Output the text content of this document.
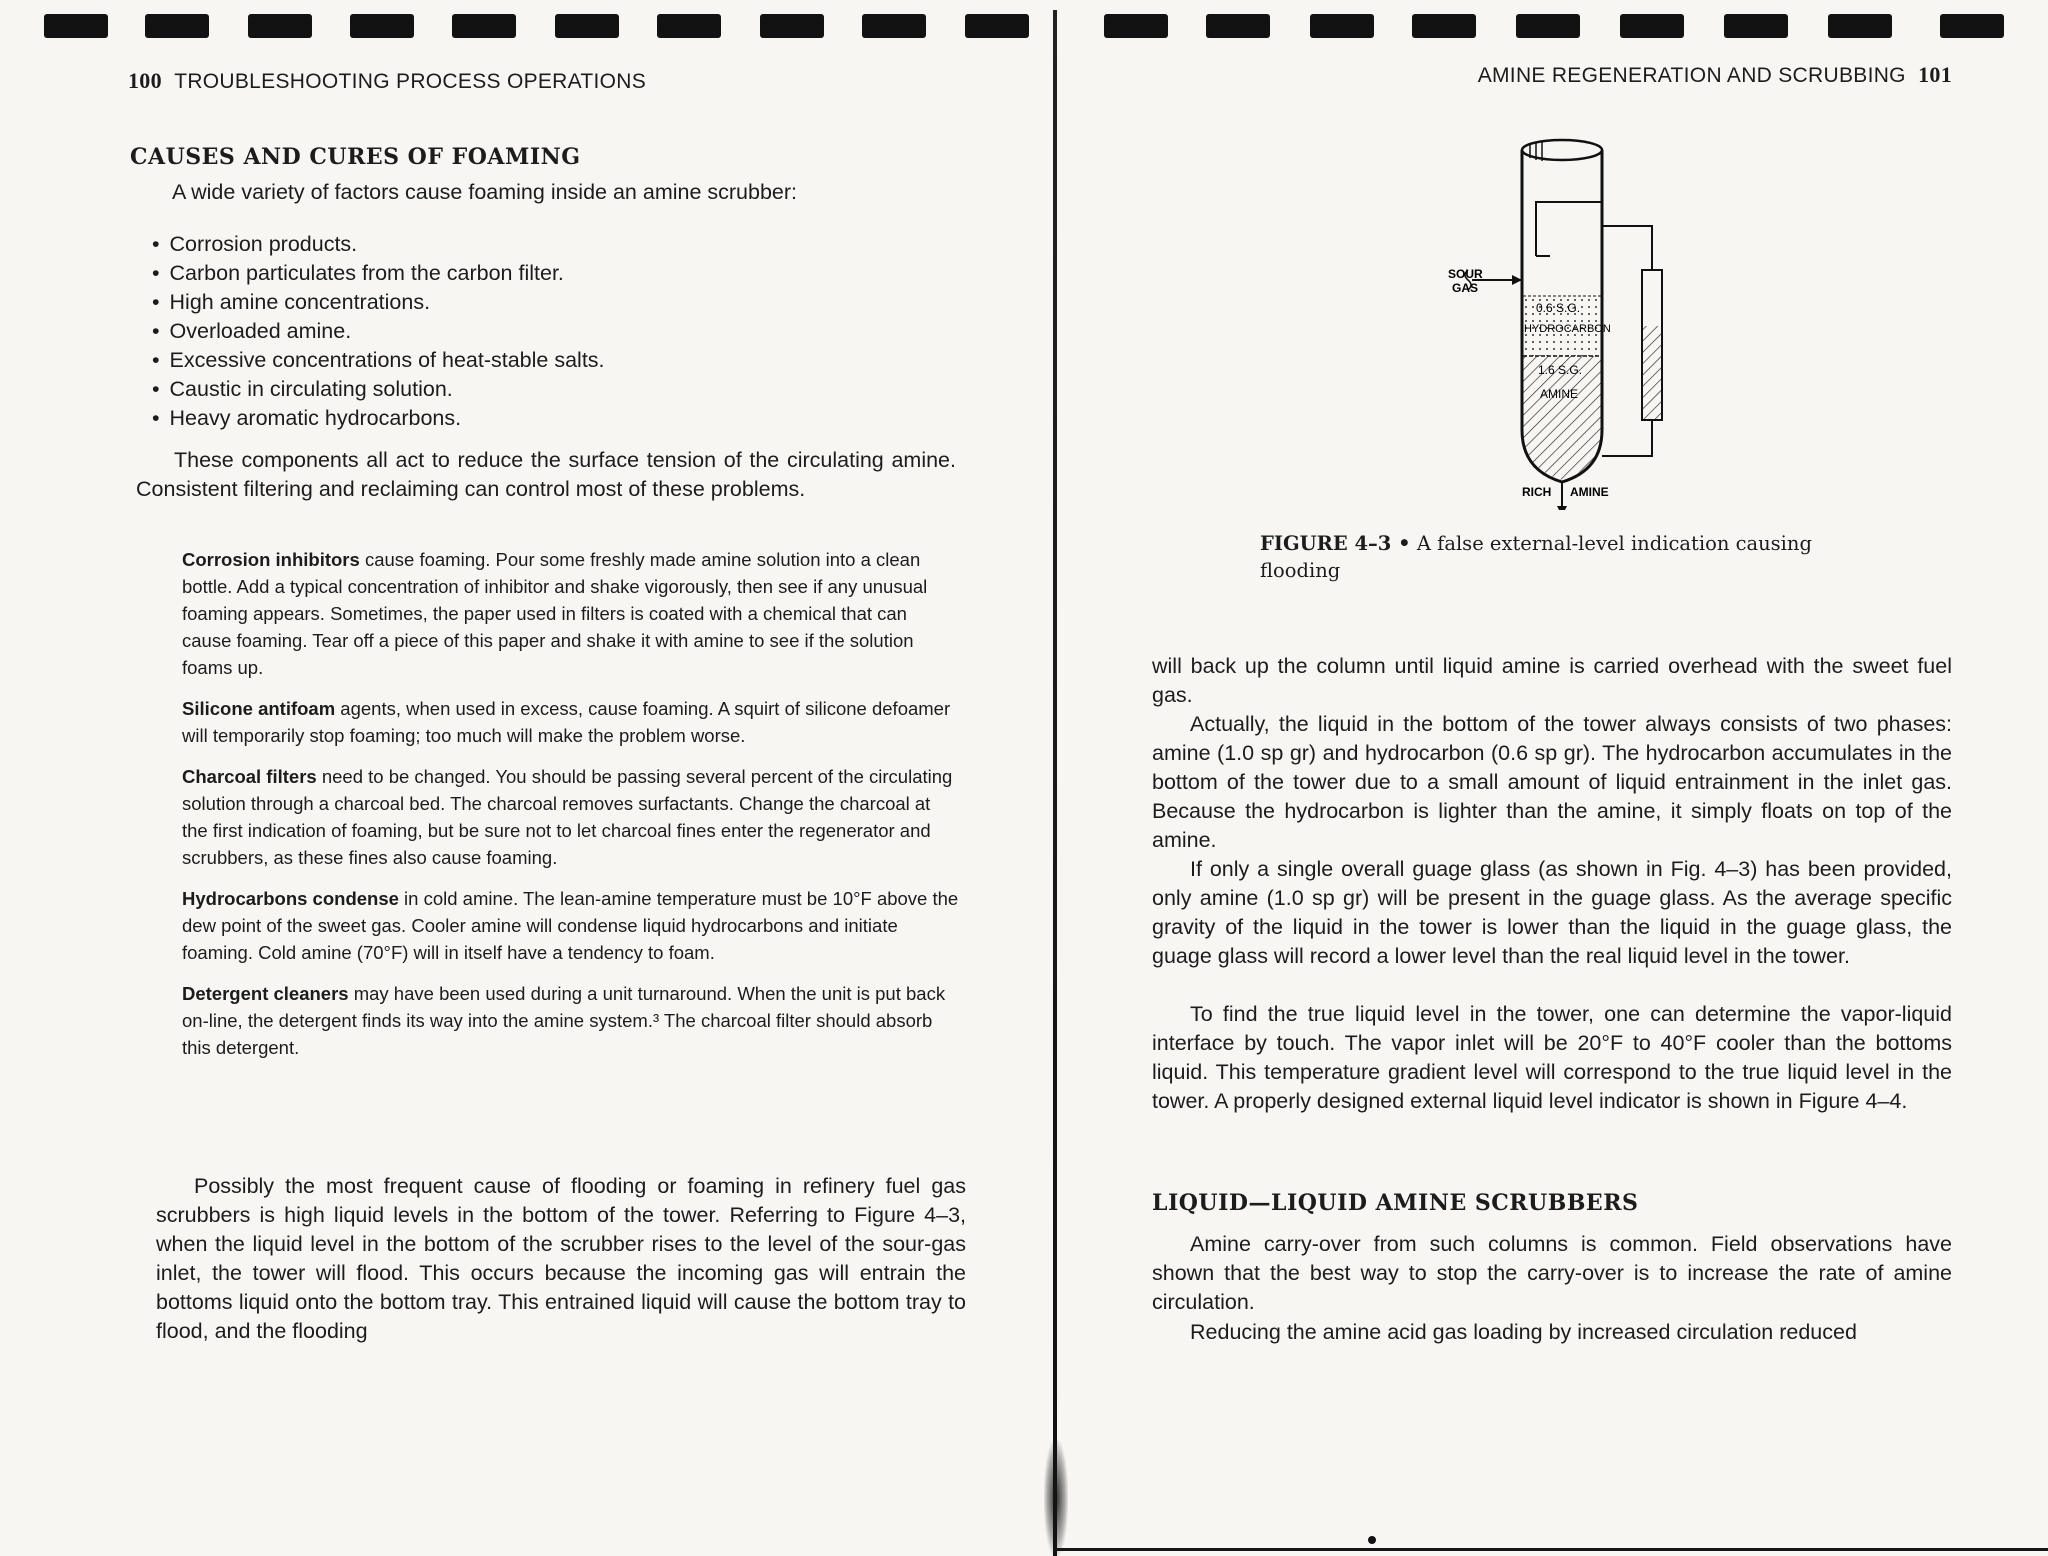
100 TROUBLESHOOTING PROCESS OPERATIONS
CAUSES AND CURES OF FOAMING

A wide variety of factors cause foaming inside an amine scrubber:

• Corrosion products.
• Carbon particulates from the carbon filter.
• High amine concentrations.
• Overloaded amine.
• Excessive concentrations of heat-stable salts.
• Caustic in circulating solution.
• Heavy aromatic hydrocarbons.

These components all act to reduce the surface tension of the circulating amine. Consistent filtering and reclaiming can control most of these problems.

Corrosion inhibitors cause foaming. Pour some freshly made amine solution into a clean bottle. Add a typical concentration of inhibitor and shake vigorously, then see if any unusual foaming appears. Sometimes, the paper used in filters is coated with a chemical that can cause foaming. Tear off a piece of this paper and shake it with amine to see if the solution foams up.

Silicone antifoam agents, when used in excess, cause foaming. A squirt of silicone defoamer will temporarily stop foaming; too much will make the problem worse.

Charcoal filters need to be changed. You should be passing several percent of the circulating solution through a charcoal bed. The charcoal removes surfactants. Change the charcoal at the first indication of foaming, but be sure not to let charcoal fines enter the regenerator and scrubbers, as these fines also cause foaming.

Hydrocarbons condense in cold amine. The lean-amine temperature must be 10°F above the dew point of the sweet gas. Cooler amine will condense liquid hydrocarbons and initiate foaming. Cold amine (70°F) will in itself have a tendency to foam.

Detergent cleaners may have been used during a unit turnaround. When the unit is put back on-line, the detergent finds its way into the amine system.³ The charcoal filter should absorb this detergent.

Possibly the most frequent cause of flooding or foaming in refinery fuel gas scrubbers is high liquid levels in the bottom of the tower. Referring to Figure 4–3, when the liquid level in the bottom of the scrubber rises to the level of the sour-gas inlet, the tower will flood. This occurs because the incoming gas will entrain the bottoms liquid onto the bottom tray. This entrained liquid will cause the bottom tray to flood, and the flooding

AMINE REGENERATION AND SCRUBBING 101
SOUR
GAS
0.6 S.G.
HYDROCARBON
1.6 S.G.
AMINE
RICH AMINE
FIGURE 4–3 • A false external-level indication causing flooding

will back up the column until liquid amine is carried overhead with the sweet fuel gas.

Actually, the liquid in the bottom of the tower always consists of two phases: amine (1.0 sp gr) and hydrocarbon (0.6 sp gr). The hydrocarbon accumulates in the bottom of the tower due to a small amount of liquid entrainment in the inlet gas. Because the hydrocarbon is lighter than the amine, it simply floats on top of the amine.

If only a single overall guage glass (as shown in Fig. 4–3) has been provided, only amine (1.0 sp gr) will be present in the guage glass. As the average specific gravity of the liquid in the tower is lower than the liquid in the guage glass, the guage glass will record a lower level than the real liquid level in the tower.

To find the true liquid level in the tower, one can determine the vapor-liquid interface by touch. The vapor inlet will be 20°F to 40°F cooler than the bottoms liquid. This temperature gradient level will correspond to the true liquid level in the tower. A properly designed external liquid level indicator is shown in Figure 4–4.

LIQUID—LIQUID AMINE SCRUBBERS

Amine carry-over from such columns is common. Field observations have shown that the best way to stop the carry-over is to increase the rate of amine circulation.

Reducing the amine acid gas loading by increased circulation reduced
